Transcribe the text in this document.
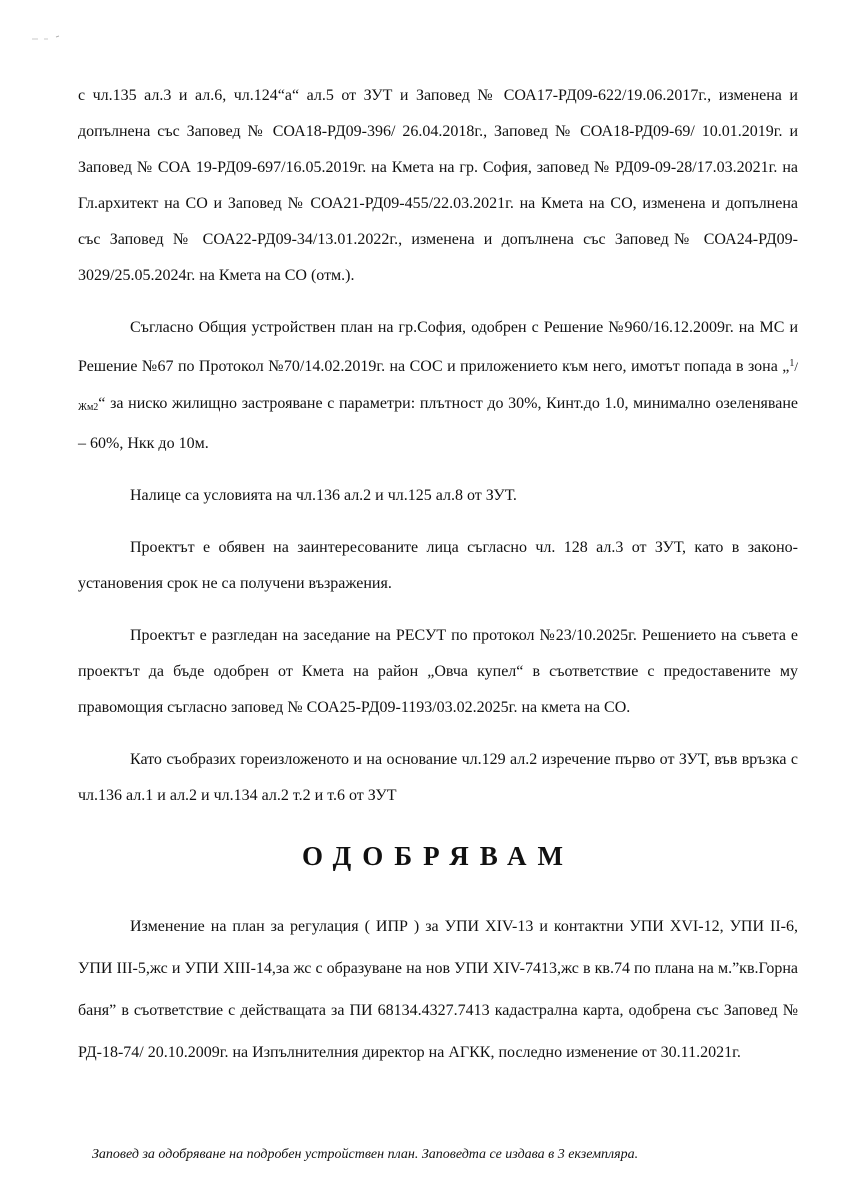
с чл.135 ал.3 и ал.6, чл.124“а“ ал.5 от ЗУТ и Заповед № СОА17-РД09-622/19.06.2017г., изменена и допълнена със Заповед № СОА18-РД09-396/ 26.04.2018г., Заповед № СОА18-РД09-69/ 10.01.2019г. и Заповед № СОА 19-РД09-697/16.05.2019г. на Кмета на гр. София, заповед № РД09-09-28/17.03.2021г. на Гл.архитект на СО и Заповед № СОА21-РД09-455/22.03.2021г. на Кмета на СО, изменена и допълнена със Заповед № СОА22-РД09-34/13.01.2022г., изменена и допълнена със Заповед№ СОА24-РД09-3029/25.05.2024г. на Кмета на СО (отм.).

Съгласно Общия устройствен план на гр.София, одобрен с Решение №960/16.12.2009г. на МС и Решение №67 по Протокол №70/14.02.2019г. на СОС и приложението към него, имотът попада в зона $„^1/_{Жм2}“$ за ниско жилищно застрояване с параметри: плътност до 30%, Кинт.до 1.0, минимално озеленяване – 60%, Нкк до 10м.

Налице са условията на чл.136 ал.2 и чл.125 ал.8 от ЗУТ.

Проектът е обявен на заинтересованите лица съгласно чл. 128 ал.3 от ЗУТ, като в законо-установения срок не са получени възражения.

Проектът е разгледан на заседание на РЕСУТ по протокол №23/10.2025г. Решението на съвета е проектът да бъде одобрен от Кмета на район „Овча купел“ в съответствие с предоставените му правомощия съгласно заповед № СОА25-РД09-1193/03.02.2025г. на кмета на СО.

Като съобразих гореизложеното и на основание чл.129 ал.2 изречение първо от ЗУТ, във връзка с чл.136 ал.1 и ал.2 и чл.134 ал.2 т.2 и т.6 от ЗУТ

ОДОБРЯВАМ

Изменение на план за регулация ( ИПР ) за УПИ XIV-13 и контактни УПИ XVI-12, УПИ II-6, УПИ III-5,жс и УПИ XIII-14,за жс с образуване на нов УПИ XIV-7413,жс в кв.74 по плана на м.”кв.Горна баня” в съответствие с действащата за ПИ 68134.4327.7413 кадастрална карта, одобрена със Заповед № РД-18-74/ 20.10.2009г. на Изпълнителния директор на АГКК, последно изменение от 30.11.2021г.

Заповед за одобряване на подробен устройствен план. Заповедта се издава в 3 екземпляра.
